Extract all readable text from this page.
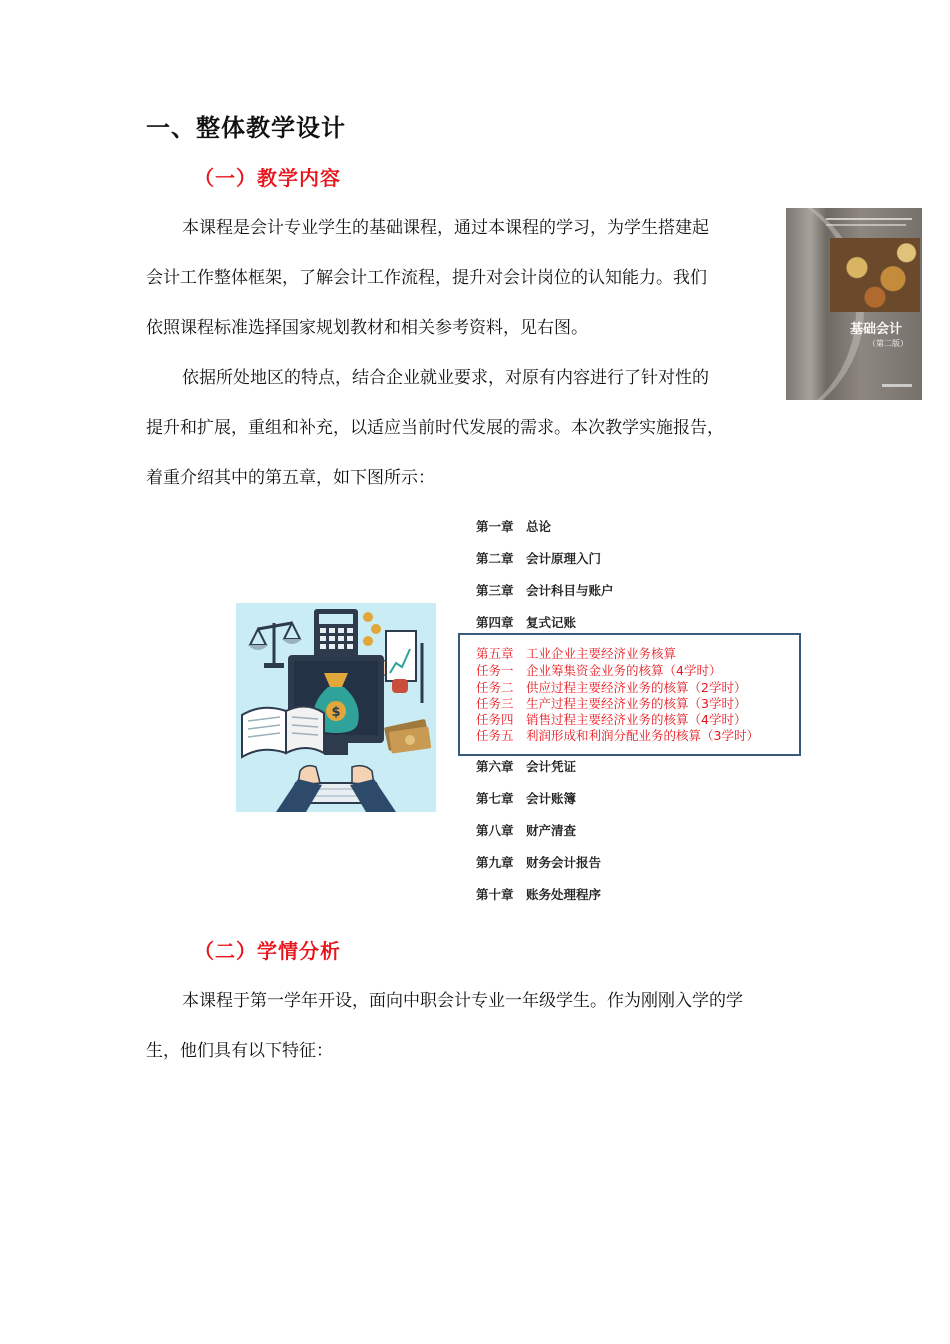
一、整体教学设计
（一）教学内容
本课程是会计专业学生的基础课程，通过本课程的学习，为学生搭建起
会计工作整体框架，了解会计工作流程，提升对会计岗位的认知能力。我们
依照课程标准选择国家规划教材和相关参考资料，见右图。
依据所处地区的特点，结合企业就业要求，对原有内容进行了针对性的
提升和扩展，重组和补充，以适应当前时代发展的需求。本次教学实施报告，
着重介绍其中的第五章，如下图所示：
基础会计
（第二版）
$
第一章 总论
第二章 会计原理入门
第三章 会计科目与账户
第四章 复式记账
第五章 工业企业主要经济业务核算
任务一 企业筹集资金业务的核算（4学时）
任务二 供应过程主要经济业务的核算（2学时）
任务三 生产过程主要经济业务的核算（3学时）
任务四 销售过程主要经济业务的核算（4学时）
任务五 利润形成和利润分配业务的核算（3学时）
第六章 会计凭证
第七章 会计账簿
第八章 财产清查
第九章 财务会计报告
第十章 账务处理程序
（二）学情分析
本课程于第一学年开设，面向中职会计专业一年级学生。作为刚刚入学的学
生，他们具有以下特征：
